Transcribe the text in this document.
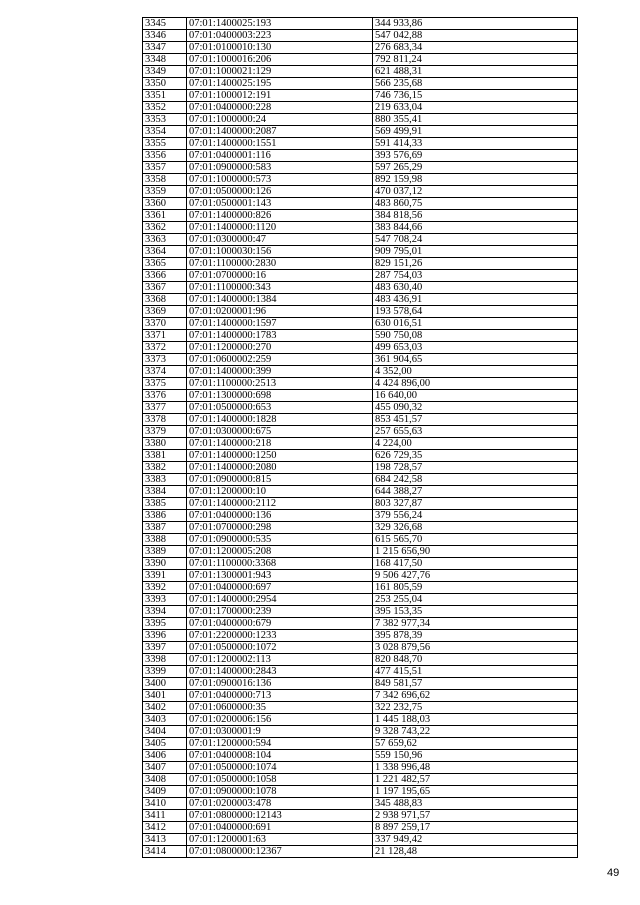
3345	07:01:1400025:193	344 933,86
3346	07:01:0400003:223	547 042,88
3347	07:01:0100010:130	276 683,34
3348	07:01:1000016:206	792 811,24
3349	07:01:1000021:129	621 488,31
3350	07:01:1400025:195	566 235,68
3351	07:01:1000012:191	746 736,15
3352	07:01:0400000:228	219 633,04
3353	07:01:1000000:24	880 355,41
3354	07:01:1400000:2087	569 499,91
3355	07:01:1400000:1551	591 414,33
3356	07:01:0400001:116	393 576,69
3357	07:01:0900000:583	597 265,29
3358	07:01:1000000:573	892 159,98
3359	07:01:0500000:126	470 037,12
3360	07:01:0500001:143	483 860,75
3361	07:01:1400000:826	384 818,56
3362	07:01:1400000:1120	383 844,66
3363	07:01:0300000:47	547 708,24
3364	07:01:1000030:156	909 795,01
3365	07:01:1100000:2830	829 151,26
3366	07:01:0700000:16	287 754,03
3367	07:01:1100000:343	483 630,40
3368	07:01:1400000:1384	483 436,91
3369	07:01:0200001:96	193 578,64
3370	07:01:1400000:1597	630 016,51
3371	07:01:1400000:1783	590 750,08
3372	07:01:1200000:270	499 653,03
3373	07:01:0600002:259	361 904,65
3374	07:01:1400000:399	4 352,00
3375	07:01:1100000:2513	4 424 896,00
3376	07:01:1300000:698	16 640,00
3377	07:01:0500000:653	455 090,32
3378	07:01:1400000:1828	853 451,57
3379	07:01:0300000:675	257 655,63
3380	07:01:1400000:218	4 224,00
3381	07:01:1400000:1250	626 729,35
3382	07:01:1400000:2080	198 728,57
3383	07:01:0900000:815	684 242,58
3384	07:01:1200000:10	644 388,27
3385	07:01:1400000:2112	803 327,87
3386	07:01:0400000:136	379 556,24
3387	07:01:0700000:298	329 326,68
3388	07:01:0900000:535	615 565,70
3389	07:01:1200005:208	1 215 656,90
3390	07:01:1100000:3368	168 417,50
3391	07:01:1300001:943	9 506 427,76
3392	07:01:0400000:697	161 805,59
3393	07:01:1400000:2954	253 255,04
3394	07:01:1700000:239	395 153,35
3395	07:01:0400000:679	7 382 977,34
3396	07:01:2200000:1233	395 878,39
3397	07:01:0500000:1072	3 028 879,56
3398	07:01:1200002:113	820 848,70
3399	07:01:1400000:2843	477 415,51
3400	07:01:0900016:136	849 581,57
3401	07:01:0400000:713	7 342 696,62
3402	07:01:0600000:35	322 232,75
3403	07:01:0200006:156	1 445 188,03
3404	07:01:0300001:9	9 328 743,22
3405	07:01:1200000:594	57 659,62
3406	07:01:0400008:104	559 150,96
3407	07:01:0500000:1074	1 338 996,48
3408	07:01:0500000:1058	1 221 482,57
3409	07:01:0900000:1078	1 197 195,65
3410	07:01:0200003:478	345 488,83
3411	07:01:0800000:12143	2 938 971,57
3412	07:01:0400000:691	8 897 259,17
3413	07:01:1200001:63	337 949,42
3414	07:01:0800000:12367	21 128,48
49
